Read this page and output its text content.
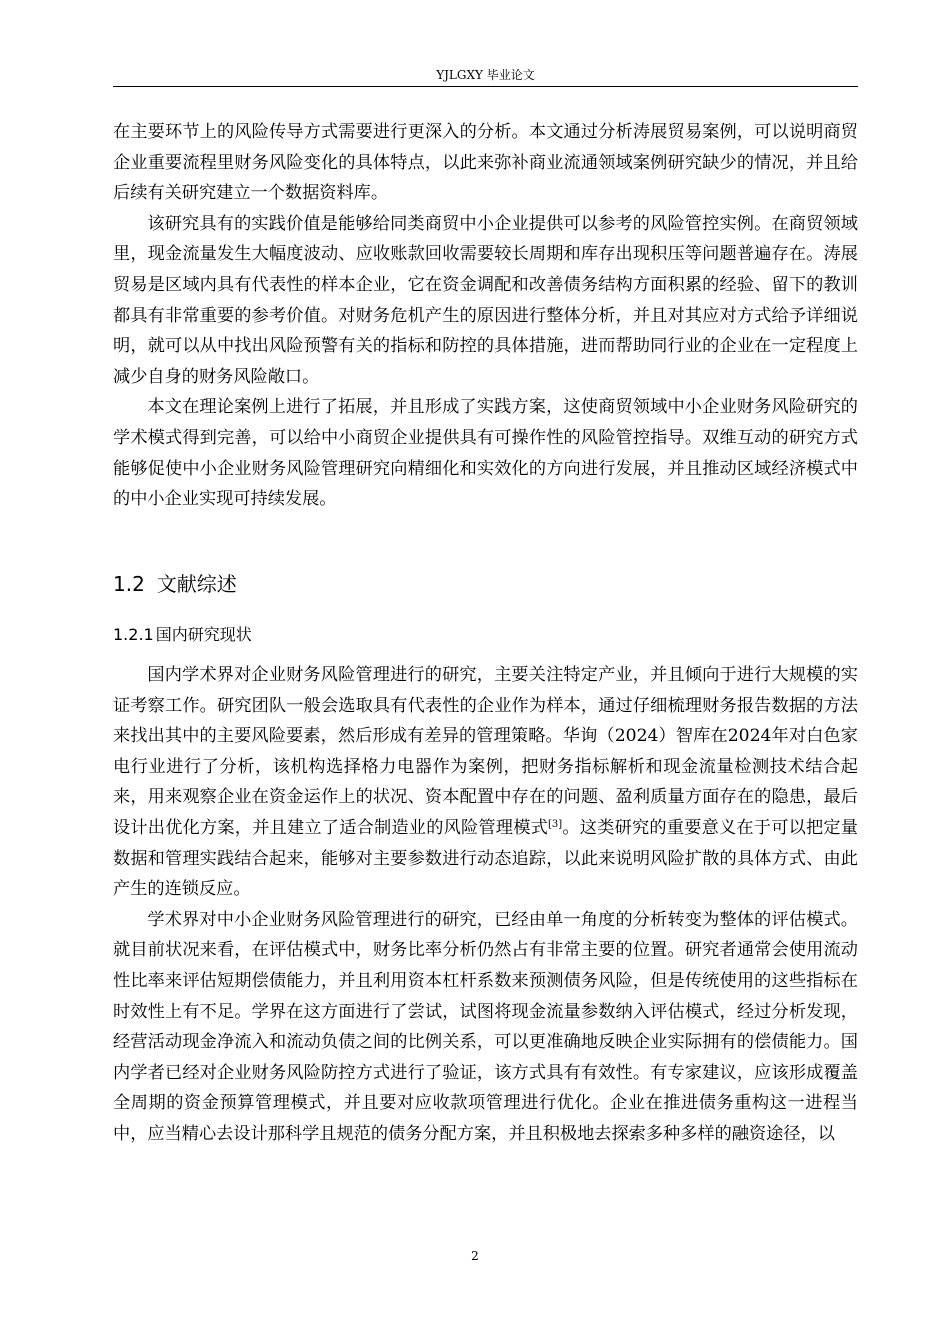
YJLGXY 毕业论文

在主要环节上的风险传导方式需要进行更深入的分析。本文通过分析涛展贸易案例，可以说明商贸企业重要流程里财务风险变化的具体特点，以此来弥补商业流通领域案例研究缺少的情况，并且给后续有关研究建立一个数据资料库。

该研究具有的实践价值是能够给同类商贸中小企业提供可以参考的风险管控实例。在商贸领域里，现金流量发生大幅度波动、应收账款回收需要较长周期和库存出现积压等问题普遍存在。涛展贸易是区域内具有代表性的样本企业，它在资金调配和改善债务结构方面积累的经验、留下的教训都具有非常重要的参考价值。对财务危机产生的原因进行整体分析，并且对其应对方式给予详细说明，就可以从中找出风险预警有关的指标和防控的具体措施，进而帮助同行业的企业在一定程度上减少自身的财务风险敞口。

本文在理论案例上进行了拓展，并且形成了实践方案，这使商贸领域中小企业财务风险研究的学术模式得到完善，可以给中小商贸企业提供具有可操作性的风险管控指导。双维互动的研究方式能够促使中小企业财务风险管理研究向精细化和实效化的方向进行发展，并且推动区域经济模式中的中小企业实现可持续发展。

1.2 文献综述
1.2.1 国内研究现状

国内学术界对企业财务风险管理进行的研究，主要关注特定产业，并且倾向于进行大规模的实证考察工作。研究团队一般会选取具有代表性的企业作为样本，通过仔细梳理财务报告数据的方法来找出其中的主要风险要素，然后形成有差异的管理策略。华询（2024）智库在2024年对白色家电行业进行了分析，该机构选择格力电器作为案例，把财务指标解析和现金流量检测技术结合起来，用来观察企业在资金运作上的状况、资本配置中存在的问题、盈利质量方面存在的隐患，最后设计出优化方案，并且建立了适合制造业的风险管理模式[3]。这类研究的重要意义在于可以把定量数据和管理实践结合起来，能够对主要参数进行动态追踪，以此来说明风险扩散的具体方式、由此产生的连锁反应。

学术界对中小企业财务风险管理进行的研究，已经由单一角度的分析转变为整体的评估模式。就目前状况来看，在评估模式中，财务比率分析仍然占有非常主要的位置。研究者通常会使用流动性比率来评估短期偿债能力，并且利用资本杠杆系数来预测债务风险，但是传统使用的这些指标在时效性上有不足。学界在这方面进行了尝试，试图将现金流量参数纳入评估模式，经过分析发现，经营活动现金净流入和流动负债之间的比例关系，可以更准确地反映企业实际拥有的偿债能力。国内学者已经对企业财务风险防控方式进行了验证，该方式具有有效性。有专家建议，应该形成覆盖全周期的资金预算管理模式，并且要对应收款项管理进行优化。企业在推进债务重构这一进程当中，应当精心去设计那科学且规范的债务分配方案，并且积极地去探索多种多样的融资途径，以

2
